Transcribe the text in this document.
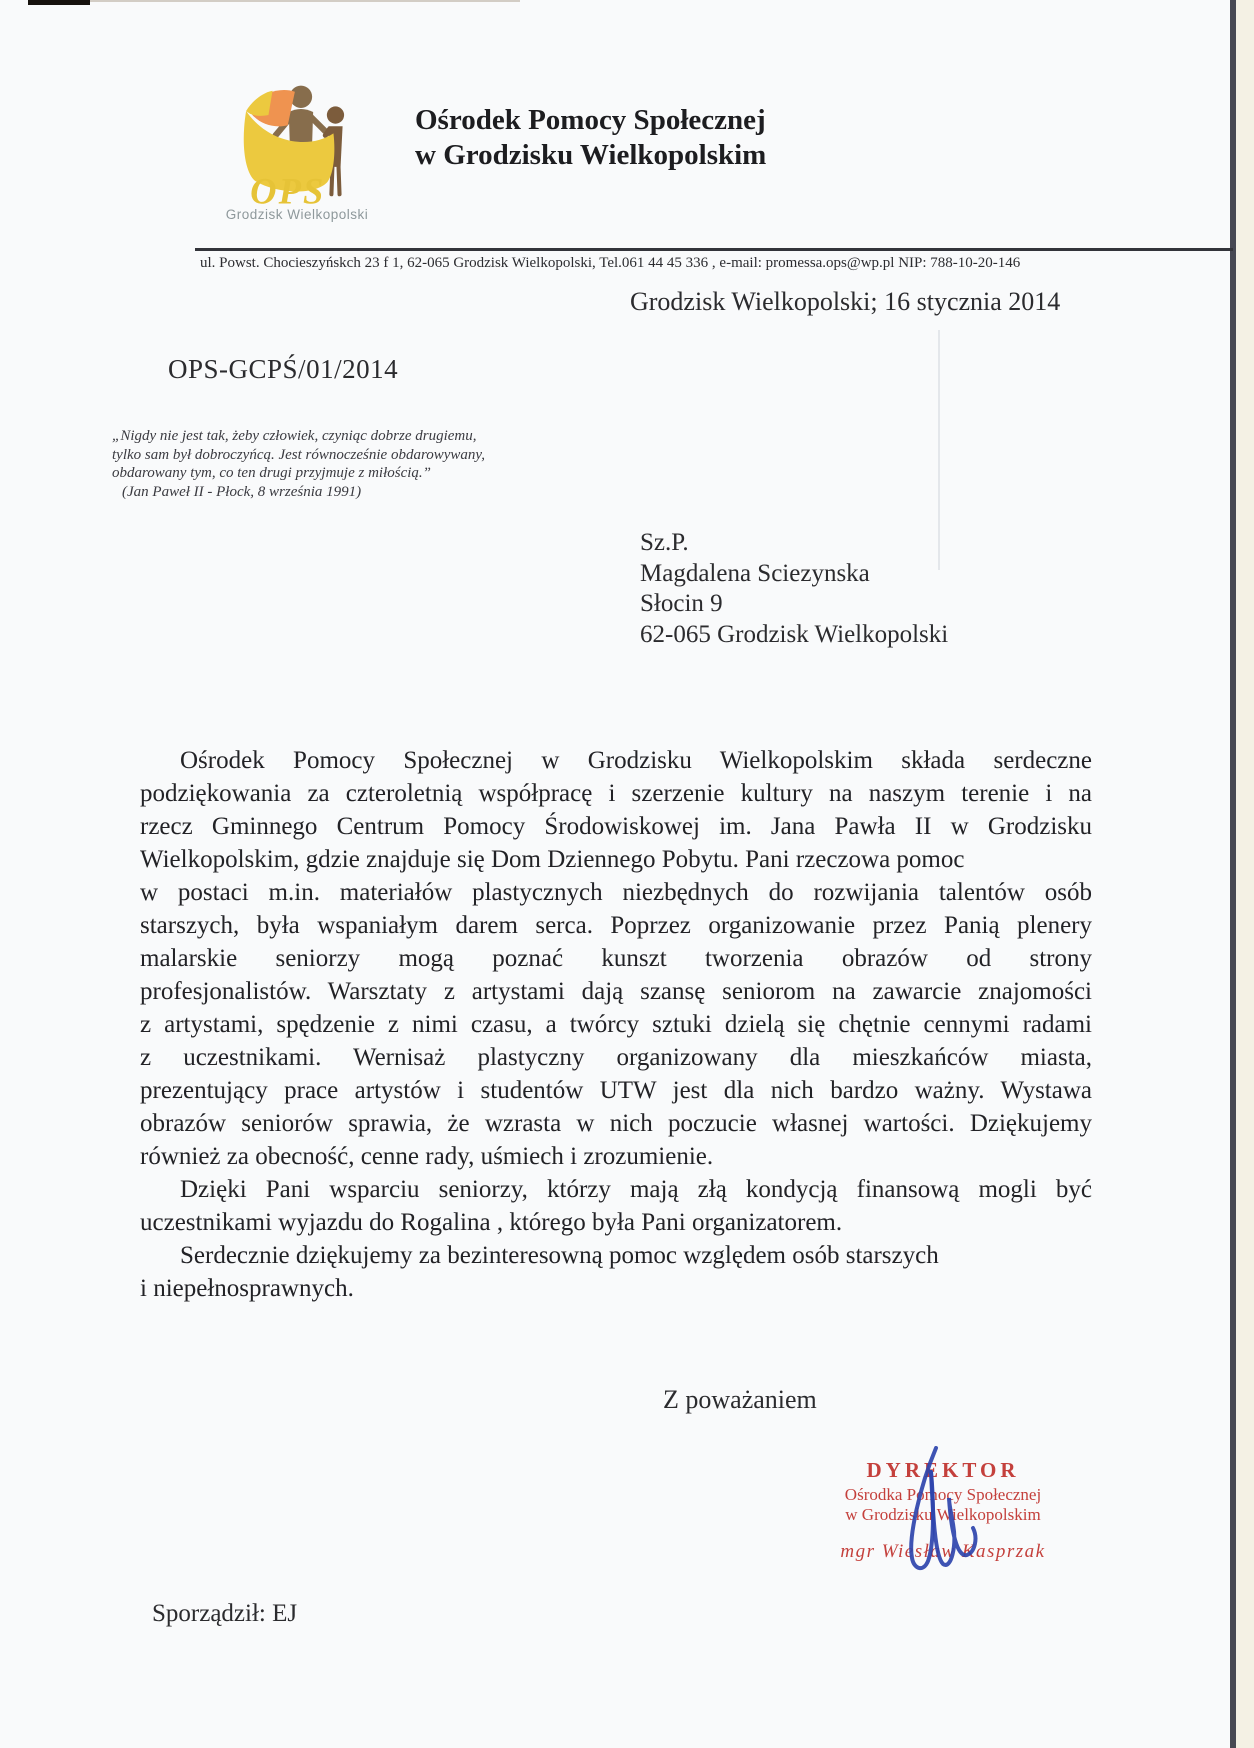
OPS
Grodzisk Wielkopolski
Ośrodek Pomocy Społecznej
w Grodzisku Wielkopolskim
ul. Powst. Chocieszyńskch 23 f 1, 62-065 Grodzisk Wielkopolski, Tel.061 44 45 336 , e-mail: promessa.ops@wp.pl NIP: 788-10-20-146
Grodzisk Wielkopolski; 16 stycznia 2014
OPS-GCPŚ/01/2014
„Nigdy nie jest tak, żeby człowiek, czyniąc dobrze drugiemu,
tylko sam był dobroczyńcą. Jest równocześnie obdarowywany,
obdarowany tym, co ten drugi przyjmuje z miłością.”
(Jan Paweł II - Płock, 8 września 1991)
Sz.P.
Magdalena Sciezynska
Słocin 9
62-065 Grodzisk Wielkopolski
Ośrodek Pomocy Społecznej w Grodzisku Wielkopolskim składa serdeczne
podziękowania za czteroletnią współpracę i szerzenie kultury na naszym terenie i na
rzecz Gminnego Centrum Pomocy Środowiskowej im. Jana Pawła II w Grodzisku
Wielkopolskim, gdzie znajduje się Dom Dziennego Pobytu. Pani rzeczowa pomoc
w postaci m.in. materiałów plastycznych niezbędnych do rozwijania talentów osób
starszych, była wspaniałym darem serca. Poprzez organizowanie przez Panią plenery
malarskie seniorzy mogą poznać kunszt tworzenia obrazów od strony
profesjonalistów. Warsztaty z artystami dają szansę seniorom na zawarcie znajomości
z artystami, spędzenie z nimi czasu, a twórcy sztuki dzielą się chętnie cennymi radami
z uczestnikami. Wernisaż plastyczny organizowany dla mieszkańców miasta,
prezentujący prace artystów i studentów UTW jest dla nich bardzo ważny. Wystawa
obrazów seniorów sprawia, że wzrasta w nich poczucie własnej wartości. Dziękujemy
również za obecność, cenne rady, uśmiech i zrozumienie.
Dzięki Pani wsparciu seniorzy, którzy mają złą kondycją finansową mogli być
uczestnikami wyjazdu do Rogalina , którego była Pani organizatorem.
Serdecznie dziękujemy za bezinteresowną pomoc względem osób starszych
i niepełnosprawnych.
Z poważaniem
DYREKTOR
Ośrodka Pomocy Społecznej
w Grodzisku Wielkopolskim
mgr Wiesław Kasprzak
Sporządził: EJ
